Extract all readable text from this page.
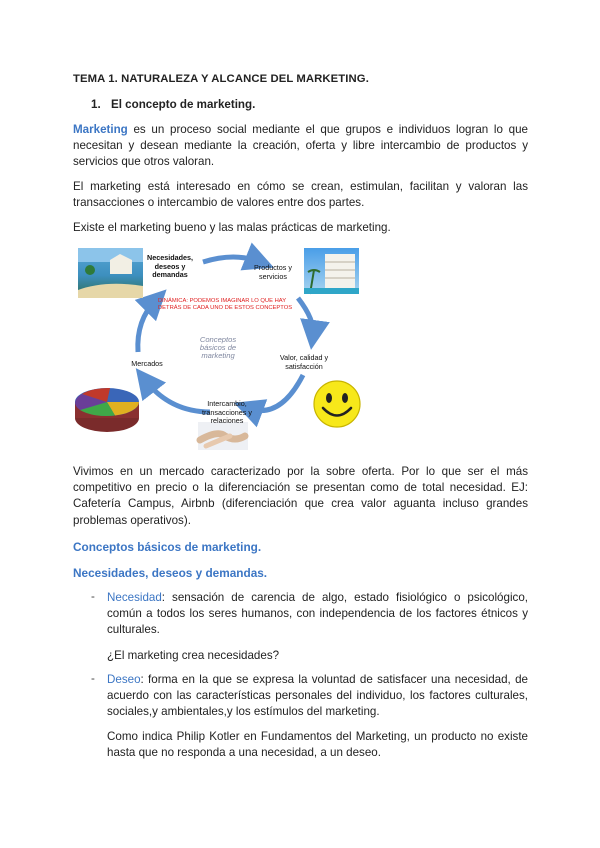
TEMA 1. NATURALEZA Y ALCANCE DEL MARKETING.
1. El concepto de marketing.

Marketing es un proceso social mediante el que grupos e individuos logran lo que necesitan y desean mediante la creación, oferta y libre intercambio de productos y servicios que otros valoran.

El marketing está interesado en cómo se crean, estimulan, facilitan y valoran las transacciones o intercambio de valores entre dos partes.

Existe el marketing bueno y las malas prácticas de marketing.

Necesidades, deseos y demandas
Productos y servicios
Valor, calidad y satisfacción
Intercambio, transacciones y relaciones
Mercados
Conceptos básicos de marketing
DINÁMICA: PODEMOS IMAGINAR LO QUE HAY DETRÁS DE CADA UNO DE ESTOS CONCEPTOS

Vivimos en un mercado caracterizado por la sobre oferta. Por lo que ser el más competitivo en precio o la diferenciación se presentan como de total necesidad. EJ: Cafetería Campus, Airbnb (diferenciación que crea valor aguanta incluso grandes problemas operativos).

Conceptos básicos de marketing.
Necesidades, deseos y demandas.
- Necesidad: sensación de carencia de algo, estado fisiológico o psicológico, común a todos los seres humanos, con independencia de los factores étnicos y culturales.

¿El marketing crea necesidades?

- Deseo: forma en la que se expresa la voluntad de satisfacer una necesidad, de acuerdo con las características personales del individuo, los factores culturales, sociales,y ambientales,y los estímulos del marketing.

Como indica Philip Kotler en Fundamentos del Marketing, un producto no existe hasta que no responda a una necesidad, a un deseo.
